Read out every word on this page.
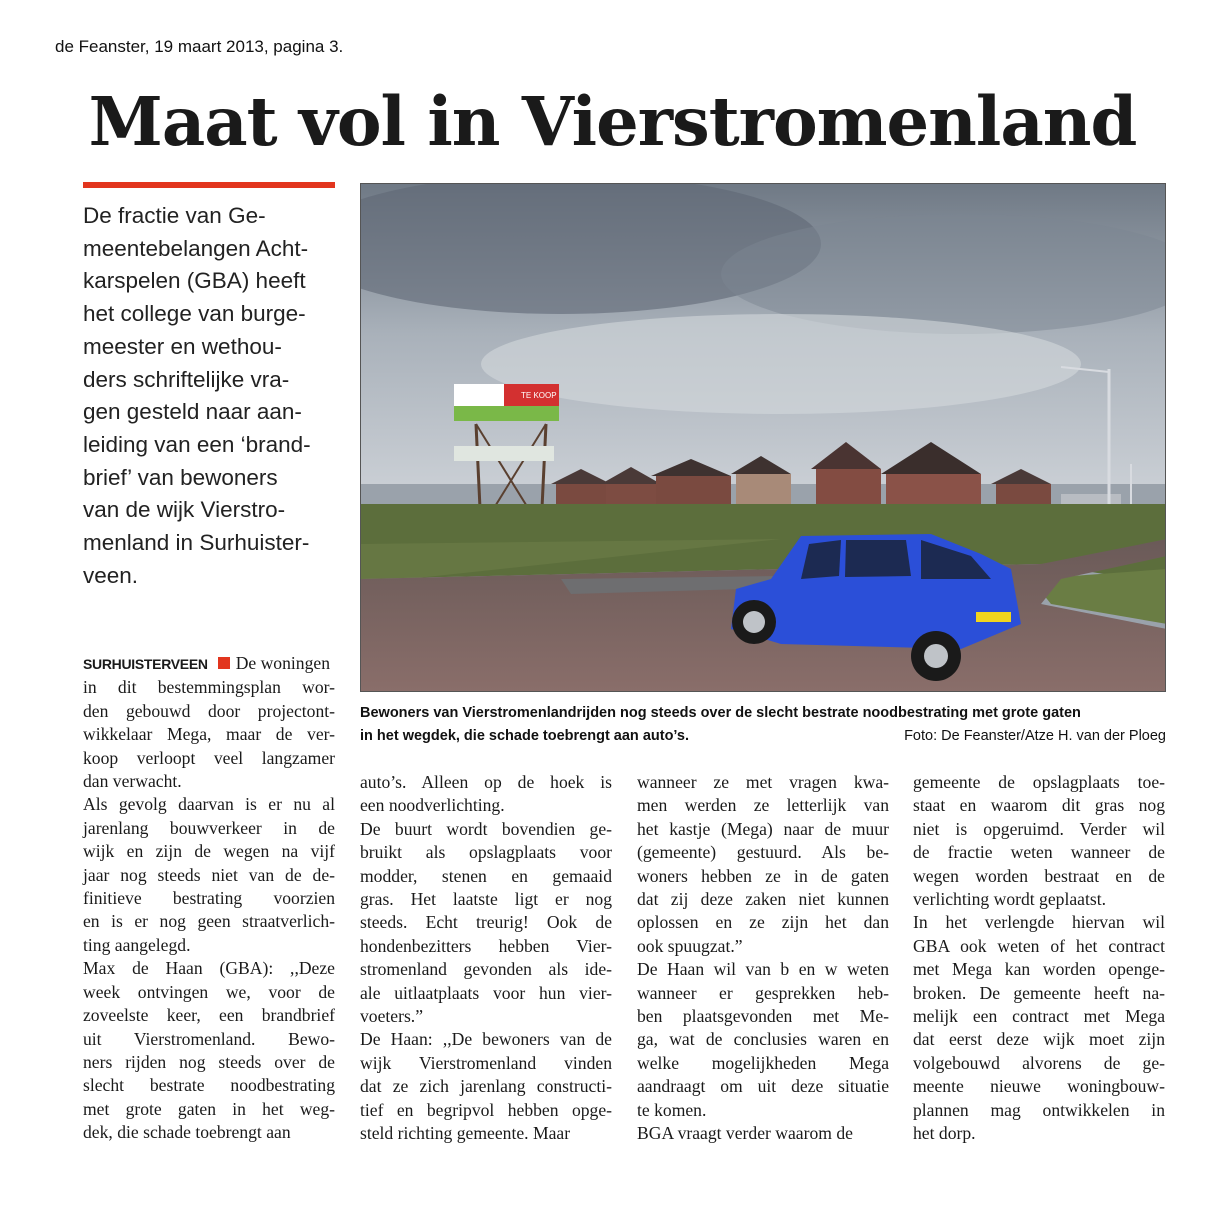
de Feanster, 19 maart 2013, pagina 3.
Maat vol in Vierstromenland
De fractie van Ge-
meentebelangen Acht-
karspelen (GBA) heeft
het college van burge-
meester en wethou-
ders schriftelijke vra-
gen gesteld naar aan-
leiding van een ‘brand-
brief’ van bewoners
van de wijk Vierstro-
menland in Surhuister-
veen.
TE KOOP
Bewoners van Vierstromenlandrijden nog steeds over de slecht bestrate noodbestrating met grote gaten
in het wegdek, die schade toebrengt aan auto’s.	Foto: De Feanster/Atze H. van der Ploeg
SURHUISTERVEEN De woningen
in dit bestemmingsplan wor-
den gebouwd door projectont-
wikkelaar Mega, maar de ver-
koop verloopt veel langzamer
dan verwacht.
Als gevolg daarvan is er nu al
jarenlang bouwverkeer in de
wijk en zijn de wegen na vijf
jaar nog steeds niet van de de-
finitieve bestrating voorzien
en is er nog geen straatverlich-
ting aangelegd.
Max de Haan (GBA): ,,Deze
week ontvingen we, voor de
zoveelste keer, een brandbrief
uit Vierstromenland. Bewo-
ners rijden nog steeds over de
slecht bestrate noodbestrating
met grote gaten in het weg-
dek, die schade toebrengt aan
auto’s. Alleen op de hoek is
een noodverlichting.
De buurt wordt bovendien ge-
bruikt als opslagplaats voor
modder, stenen en gemaaid
gras. Het laatste ligt er nog
steeds. Echt treurig! Ook de
hondenbezitters hebben Vier-
stromenland gevonden als ide-
ale uitlaatplaats voor hun vier-
voeters.”
De Haan: ,,De bewoners van de
wijk Vierstromenland vinden
dat ze zich jarenlang constructi-
tief en begripvol hebben opge-
steld richting gemeente. Maar
wanneer ze met vragen kwa-
men werden ze letterlijk van
het kastje (Mega) naar de muur
(gemeente) gestuurd. Als be-
woners hebben ze in de gaten
dat zij deze zaken niet kunnen
oplossen en ze zijn het dan
ook spuugzat.”
De Haan wil van b en w weten
wanneer er gesprekken heb-
ben plaatsgevonden met Me-
ga, wat de conclusies waren en
welke mogelijkheden Mega
aandraagt om uit deze situatie
te komen.
BGA vraagt verder waarom de
gemeente de opslagplaats toe-
staat en waarom dit gras nog
niet is opgeruimd. Verder wil
de fractie weten wanneer de
wegen worden bestraat en de
verlichting wordt geplaatst.
In het verlengde hiervan wil
GBA ook weten of het contract
met Mega kan worden openge-
broken. De gemeente heeft na-
melijk een contract met Mega
dat eerst deze wijk moet zijn
volgebouwd alvorens de ge-
meente nieuwe woningbouw-
plannen mag ontwikkelen in
het dorp.
